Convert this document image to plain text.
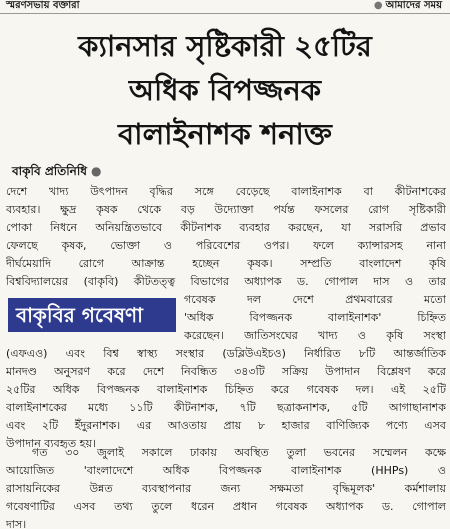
স্মরণসভায় বক্তারা	● আমাদের সময়
ক্যানসার সৃষ্টিকারী ২৫টির
অধিক বিপজ্জনক
বালাইনাশক শনাক্ত
বাকৃবি প্রতিনিধি ●
দেশে খাদ্য উৎপাদন বৃদ্ধির সঙ্গে বেড়েছে বালাইনাশক বা কীটনাশকের
ব্যবহার। ক্ষুদ্র কৃষক থেকে বড় উদ্যোক্তা পর্যন্ত ফসলের রোগ সৃষ্টিকারী
পোকা নিধনে অনিয়ন্ত্রিতভাবে কীটনাশক ব্যবহার করছেন, যা সরাসরি প্রভাব
ফেলছে কৃষক, ভোক্তা ও পরিবেশের ওপর। ফলে ক্যান্সারসহ নানা
দীর্ঘমেয়াদি রোগে আক্রান্ত হচ্ছেন কৃষক। সম্প্রতি বাংলাদেশ কৃষি
বিশ্ববিদ্যালয়ের (বাকৃবি) কীটতত্ত্ব বিভাগের অধ্যাপক ড. গোপাল দাস ও তার
বাকৃবির গবেষণা
গবেষক দল দেশে প্রথমবারের মতো
'অধিক বিপজ্জনক বালাইনাশক' চিহ্নিত
করেছেন। জাতিসংঘের খাদ্য ও কৃষি সংস্থা
(এফএও) এবং বিশ্ব স্বাস্থ্য সংস্থার (ডব্লিউএইচও) নির্ধারিত ৮টি আন্তর্জাতিক
মানদণ্ড অনুসরণ করে দেশে নিবন্ধিত ৩৪৩টি সক্রিয় উপাদান বিশ্লেষণ করে
২৫টির অধিক বিপজ্জনক বালাইনাশক চিহ্নিত করে গবেষক দল। এই ২৫টি
বালাইনাশকের মধ্যে ১১টি কীটনাশক, ৭টি ছত্রাকনাশক, ৫টি আগাছানাশক
এবং ২টি ইঁদুরনাশক। এর আওতায় প্রায় ৮ হাজার বাণিজ্যিক পণ্যে এসব
উপাদান ব্যবহৃত হয়।
গত ৩০ জুলাই সকালে ঢাকায় অবস্থিত তুলা ভবনের সম্মেলন কক্ষে
আয়োজিত 'বাংলাদেশে অধিক বিপজ্জনক বালাইনাশক (HHPs) ও
রাসায়নিকের উন্নত ব্যবস্থাপনার জন্য সক্ষমতা বৃদ্ধিমূলক' কর্মশালায়
গবেষণাটির এসব তথ্য তুলে ধরেন প্রধান গবেষক অধ্যাপক ড. গোপাল
দাস।
